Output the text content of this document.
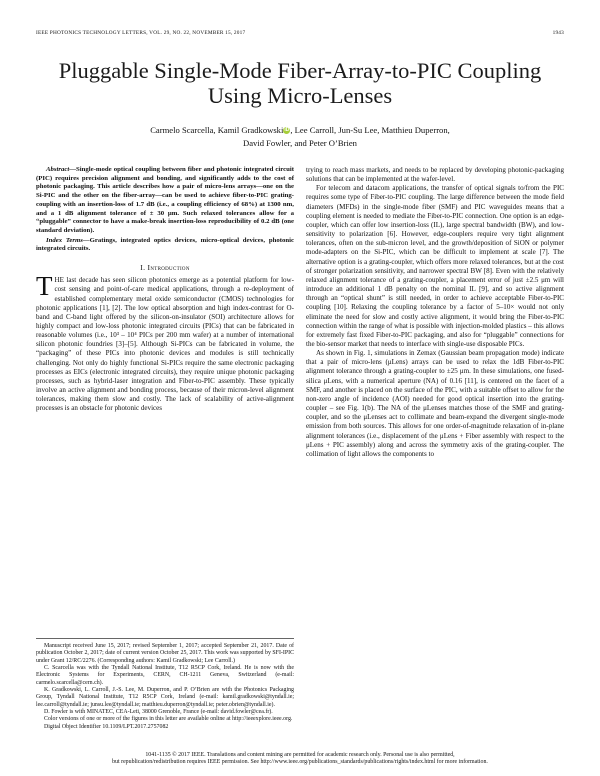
IEEE PHOTONICS TECHNOLOGY LETTERS, VOL. 29, NO. 22, NOVEMBER 15, 2017	1943
Pluggable Single-Mode Fiber-Array-to-PIC Coupling Using Micro-Lenses
Carmelo Scarcella, Kamil GradkowskiiD, Lee Carroll, Jun-Su Lee, Matthieu Duperron,
David Fowler, and Peter O’Brien

Abstract—Single-mode optical coupling between fiber and photonic integrated circuit (PIC) requires precision alignment and bonding, and significantly adds to the cost of photonic packaging. This article describes how a pair of micro-lens arrays—one on the Si-PIC and the other on the fiber-array—can be used to achieve fiber-to-PIC grating-coupling with an insertion-loss of 1.7 dB (i.e., a coupling efficiency of 68%) at 1300 nm, and a 1 dB alignment tolerance of ± 30 μm. Such relaxed tolerances allow for a “pluggable” connector to have a make-break insertion-loss reproducibility of 0.2 dB (one standard deviation).

Index Terms—Gratings, integrated optics devices, micro-optical devices, photonic integrated circuits.

I. Introduction

THE last decade has seen silicon photonics emerge as a potential platform for low-cost sensing and point-of-care medical applications, through a re-deployment of established complementary metal oxide semiconductor (CMOS) technologies for photonic applications [1], [2]. The low optical absorption and high index-contrast for O-band and C-band light offered by the silicon-on-insulator (SOI) architecture allows for highly compact and low-loss photonic integrated circuits (PICs) that can be fabricated in reasonable volumes (i.e., 10³ – 10⁴ PICs per 200 mm wafer) at a number of international silicon photonic foundries [3]–[5]. Although Si-PICs can be fabricated in volume, the “packaging” of these PICs into photonic devices and modules is still technically challenging. Not only do highly functional Si-PICs require the same electronic packaging processes as EICs (electronic integrated circuits), they require unique photonic packaging processes, such as hybrid-laser integration and Fiber-to-PIC assembly. These typically involve an active alignment and bonding process, because of their micron-level alignment tolerances, making them slow and costly. The lack of scalability of active-alignment processes is an obstacle for photonic devices

trying to reach mass markets, and needs to be replaced by developing photonic-packaging solutions that can be implemented at the wafer-level.

For telecom and datacom applications, the transfer of optical signals to/from the PIC requires some type of Fiber-to-PIC coupling. The large difference between the mode field diameters (MFDs) in the single-mode fiber (SMF) and PIC waveguides means that a coupling element is needed to mediate the Fiber-to-PIC connection. One option is an edge-coupler, which can offer low insertion-loss (IL), large spectral bandwidth (BW), and low-sensitivity to polarization [6]. However, edge-couplers require very tight alignment tolerances, often on the sub-micron level, and the growth/deposition of SiON or polymer mode-adapters on the Si-PIC, which can be difficult to implement at scale [7]. The alternative option is a grating-coupler, which offers more relaxed tolerances, but at the cost of stronger polarization sensitivity, and narrower spectral BW [8]. Even with the relatively relaxed alignment tolerance of a grating-coupler, a placement error of just ±2.5 μm will introduce an additional 1 dB penalty on the nominal IL [9], and so active alignment through an “optical shunt” is still needed, in order to achieve acceptable Fiber-to-PIC coupling [10]. Relaxing the coupling tolerance by a factor of 5–10× would not only eliminate the need for slow and costly active alignment, it would bring the Fiber-to-PIC connection within the range of what is possible with injection-molded plastics – this allows for extremely fast fixed Fiber-to-PIC packaging, and also for “pluggable” connections for the bio-sensor market that needs to interface with single-use disposable PICs.

As shown in Fig. 1, simulations in Zemax (Gaussian beam propagation mode) indicate that a pair of micro-lens (μLens) arrays can be used to relax the 1dB Fiber-to-PIC alignment tolerance through a grating-coupler to ±25 μm. In these simulations, one fused-silica μLens, with a numerical aperture (NA) of 0.16 [11], is centered on the facet of a SMF, and another is placed on the surface of the PIC, with a suitable offset to allow for the non-zero angle of incidence (AOI) needed for good optical insertion into the grating-coupler – see Fig. 1(b). The NA of the μLenses matches those of the SMF and grating-coupler, and so the μLenses act to collimate and beam-expand the divergent single-mode emission from both sources. This allows for one order-of-magnitude relaxation of in-plane alignment tolerances (i.e., displacement of the μLens + Fiber assembly with respect to the μLens + PIC assembly) along and across the symmetry axis of the grating-coupler. The collimation of light allows the components to

Manuscript received June 15, 2017; revised September 1, 2017; accepted September 21, 2017. Date of publication October 2, 2017; date of current version October 25, 2017. This work was supported by SFI-IPIC under Grant 12/RC/2276. (Corresponding authors: Kamil Gradkowski; Lee Carroll.)

C. Scarcella was with the Tyndall National Institute, T12 R5CP Cork, Ireland. He is now with the Electronic Systems for Experiments, CERN, CH-1211 Geneva, Switzerland (e-mail: carmelo.scarcella@cern.ch).

K. Gradkowski, L. Carroll, J.-S. Lee, M. Duperron, and P. O’Brien are with the Photonics Packaging Group, Tyndall National Institute, T12 R5CP Cork, Ireland (e-mail: kamil.gradkowski@tyndall.ie; lee.carroll@tyndall.ie; junsu.lee@tyndall.ie; matthieu.duperron@tyndall.ie; peter.obrien@tyndall.ie).

D. Fowler is with MINATEC, CEA-Leti, 38000 Grenoble, France (e-mail: david.fowler@cea.fr).

Color versions of one or more of the figures in this letter are available online at http://ieeexplore.ieee.org.

Digital Object Identifier 10.1109/LPT.2017.2757082

1041-1135 © 2017 IEEE. Translations and content mining are permitted for academic research only. Personal use is also permitted,
but republication/redistribution requires IEEE permission. See http://www.ieee.org/publications_standards/publications/rights/index.html for more information.
